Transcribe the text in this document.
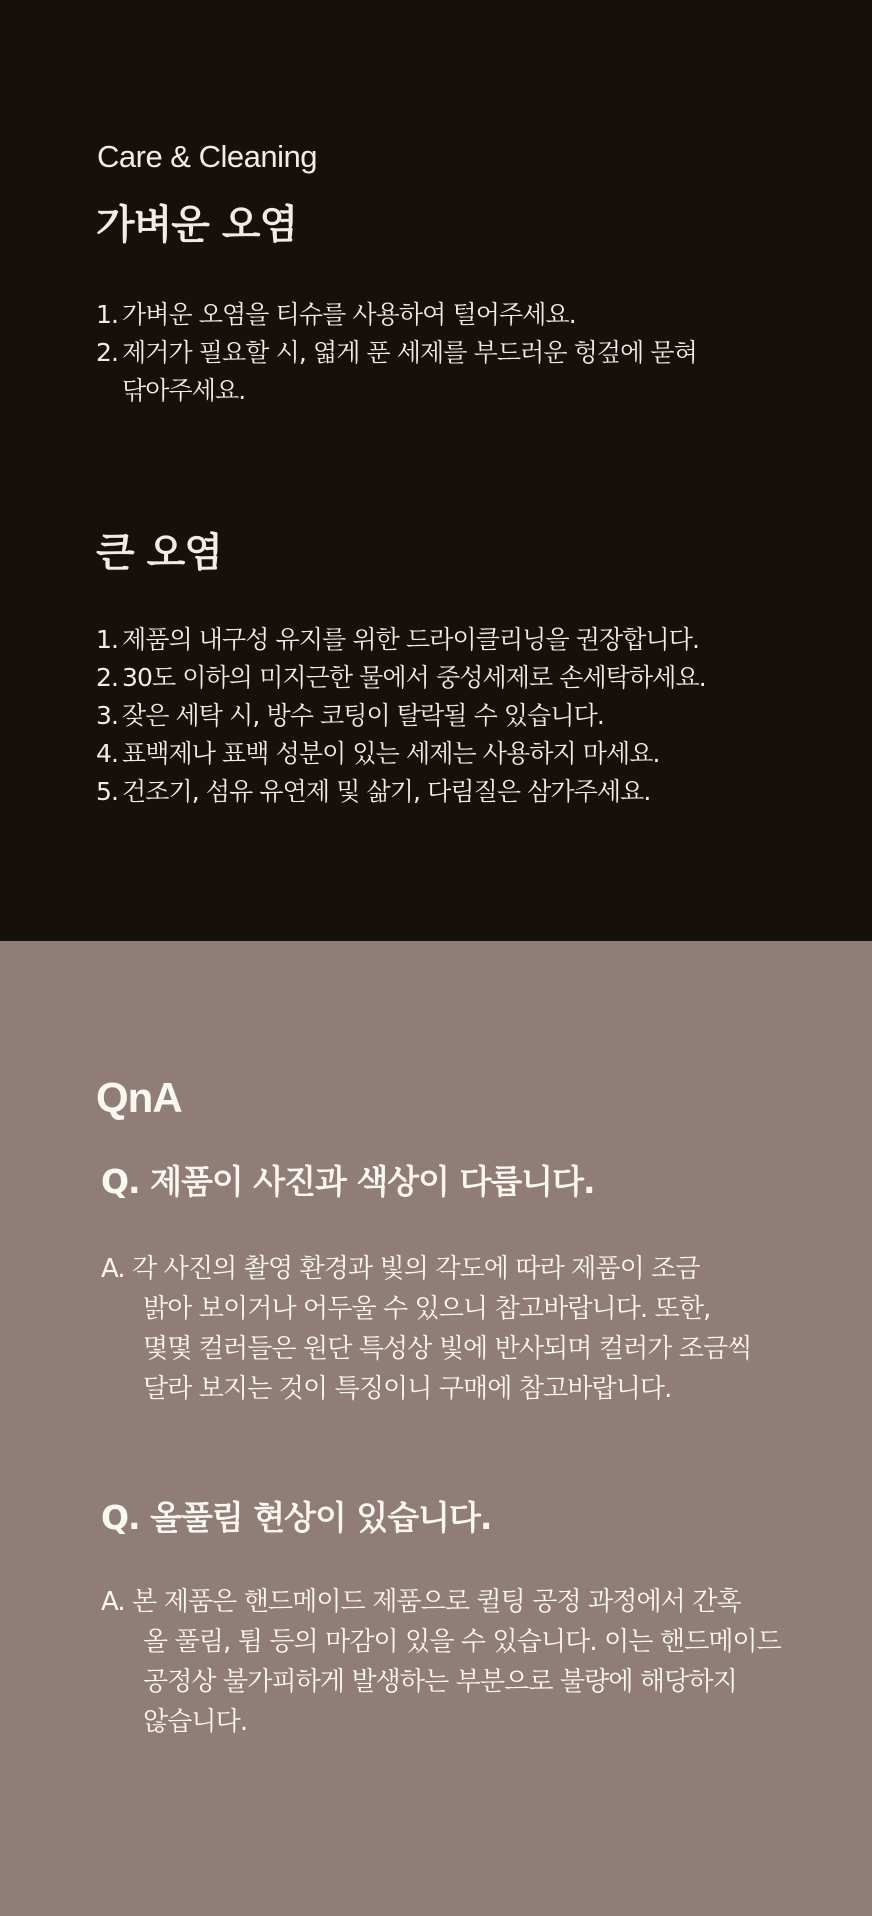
Care & Cleaning
가벼운 오염
1. 가벼운 오염을 티슈를 사용하여 털어주세요.
2. 제거가 필요할 시, 엷게 푼 세제를 부드러운 헝겊에 묻혀
닦아주세요.
큰 오염
1. 제품의 내구성 유지를 위한 드라이클리닝을 권장합니다.
2. 30도 이하의 미지근한 물에서 중성세제로 손세탁하세요.
3. 잦은 세탁 시, 방수 코팅이 탈락될 수 있습니다.
4. 표백제나 표백 성분이 있는 세제는 사용하지 마세요.
5. 건조기, 섬유 유연제 및 삶기, 다림질은 삼가주세요.
QnA
Q. 제품이 사진과 색상이 다릅니다.
A. 각 사진의 촬영 환경과 빛의 각도에 따라 제품이 조금
밝아 보이거나 어두울 수 있으니 참고바랍니다. 또한,
몇몇 컬러들은 원단 특성상 빛에 반사되며 컬러가 조금씩
달라 보지는 것이 특징이니 구매에 참고바랍니다.
Q. 올풀림 현상이 있습니다.
A. 본 제품은 핸드메이드 제품으로 퀼팅 공정 과정에서 간혹
올 풀림, 튐 등의 마감이 있을 수 있습니다. 이는 핸드메이드
공정상 불가피하게 발생하는 부분으로 불량에 해당하지
않습니다.
